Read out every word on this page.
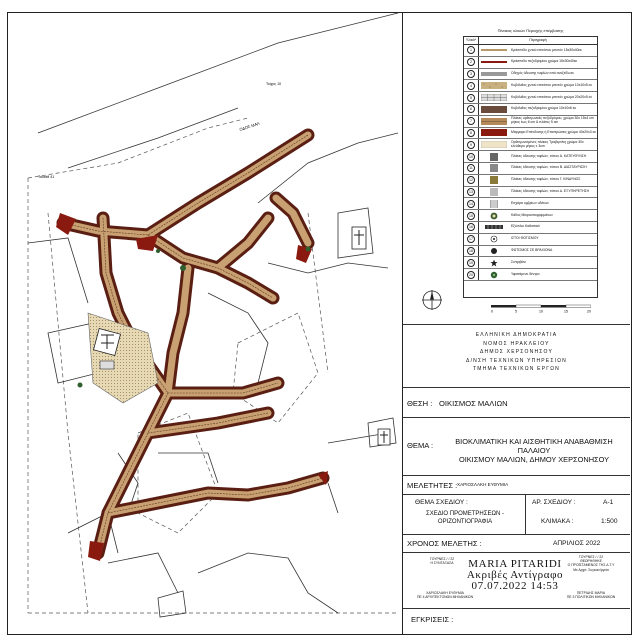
ΟΔΟΣ ΜΑΛ
Ταυτάθ 41
Τοίχος 10
Πίνακας υλικών Περιοχής επέμβασης
Υλικά*	Περιγραφή
1	Κράσπεδο χυτού επιτόπου μπετόν 15x30x40εκ
2	Κράσπεδο πεζοδρομίου χρώμα 15x30x40εκ
3	Οδηγός όδευσης τυφλών από ανοξείδωτο
4	Κυβόλιθος χυτού επιτόπου μπετόν χρώμα 10x10x5 εκ
5	Κυβόλιθος χυτού επιτόπου μπετόν χρώμα 20x20x5 εκ
6	Κυβόλιθος πεζοδρομίου χρώμα 10x10x6 εκ
7
Πλάκες ορθογωνικές πεζοδρόμου, χρώμα 30x 15x4 cm
μήκος έως 6 cm & πλάτος 5 cm
8	Μάρμαρο Επένδυσης ή Επιστρώσεις χρώμα 40x20x3 εκ
9
Ορθογωνισμένες πλάκες Τραβερτίνη χρώμα 30x
ελεύθερο μήκος x 3cm
10	Πλάκες όδευσης τυφλών, τύπου Α. ΚΑΤΕΥΘΥΝΣΗ
11	Πλάκες όδευσης τυφλών, τύπου Β. ΔΙΑΣΤΑΥΡΩΣΗ
12	Πλάκες όδευσης τυφλών, τύπου Γ. ΚΙΝΔΥΝΟΣ
13	Πλάκες όδευσης τυφλών, τύπου Δ. ΕΞΥΠΗΡΕΤΗΣΗ
14	Εσχάρα ομβρίων υδάτων
15	Κάδος Μικροαπορριμμάτων
16	Εξώπλοι Καθιστικά
17	ΙΣΤΟΙ ΦΩΤΙΣΜΟΥ
18	ΦΩΤΙΣΜΟΣ ΣΕ ΒΡΑΧΙΟΝΑ
19	Σιντριβάνι
20	Υφιστάμενο δέντρο
0	5	10	15	20
ΕΛΛΗΝΙΚΗ ΔΗΜΟΚΡΑΤΙΑ
ΝΟΜΟΣ ΗΡΑΚΛΕΙΟΥ
ΔΗΜΟΣ ΧΕΡΣΟΝΗΣΟΥ
Δ/ΝΣΗ ΤΕΧΝΙΚΩΝ ΥΠΗΡΕΣΙΩΝ
ΤΜΗΜΑ ΤΕΧΝΙΚΩΝ ΕΡΓΩΝ
ΘΕΣΗ : ΟΙΚΙΣΜΟΣ ΜΑΛΙΩΝ
ΘΕΜΑ :	ΒΙΟΚΛΙΜΑΤΙΚΗ ΚΑΙ ΑΙΣΘΗΤΙΚΗ ΑΝΑΒΑΘΜΙΣΗ ΠΑΛΑΙΟΥ
ΟΙΚΙΣΜΟΥ ΜΑΛΙΩΝ, ΔΗΜΟΥ ΧΕΡΣΟΝΗΣΟΥ
ΜΕΛΕΤΗΤΕΣ : ΧΑΡΙΟΣΛΑΚΗ ΕΥΘΥΜΙΑ
ΘΕΜΑ ΣΧΕΔΙΟΥ :
ΣΧΕΔΙΟ ΠΡΟΜΕΤΡΗΣΕΩΝ -
ΟΡΙΖΟΝΤΙΟΓΡΑΦΙΑ
ΑΡ. ΣΧΕΔΙΟΥ :	Α-1
ΚΛΙΜΑΚΑ :	1:500
ΧΡΟΝΟΣ ΜΕΛΕΤΗΣ :	ΑΠΡΙΛΙΟΣ 2022
ΓΟΥΡΝΕΣ / / 22
Η ΣΥΝΤΑΞΑΣΑ
ΧΑΡΙΟΣΛΑΚΗ ΕΥΘΥΜΙΑ
ΠΕ 4 ΑΡΧΙΤΕΚΤΟΝΩΝ ΜΗΧΑΝΙΚΩΝ
ΓΟΥΡΝΕΣ / / 22
ΘΕΩΡΗΘΗΚΕ
Ο ΠΡΟΪΣΤΑΜΕΝΟΣ ΤΗΣ Δ.Τ.Υ
Με Αρχιτ. Συγκοιν/ργεία
ΠΕΤΡΙΔΗΣ ΜΑΡΙΑ
ΠΕ 3 ΠΟΛΙΤΙΚΩΝ ΜΗΧΑΝΙΚΩΝ
ΜΑRΙΑ PITARIDI
Ακριβές Αντίγραφο
07.07.2022 14:53
ΕΓΚΡΙΣΕΙΣ :
